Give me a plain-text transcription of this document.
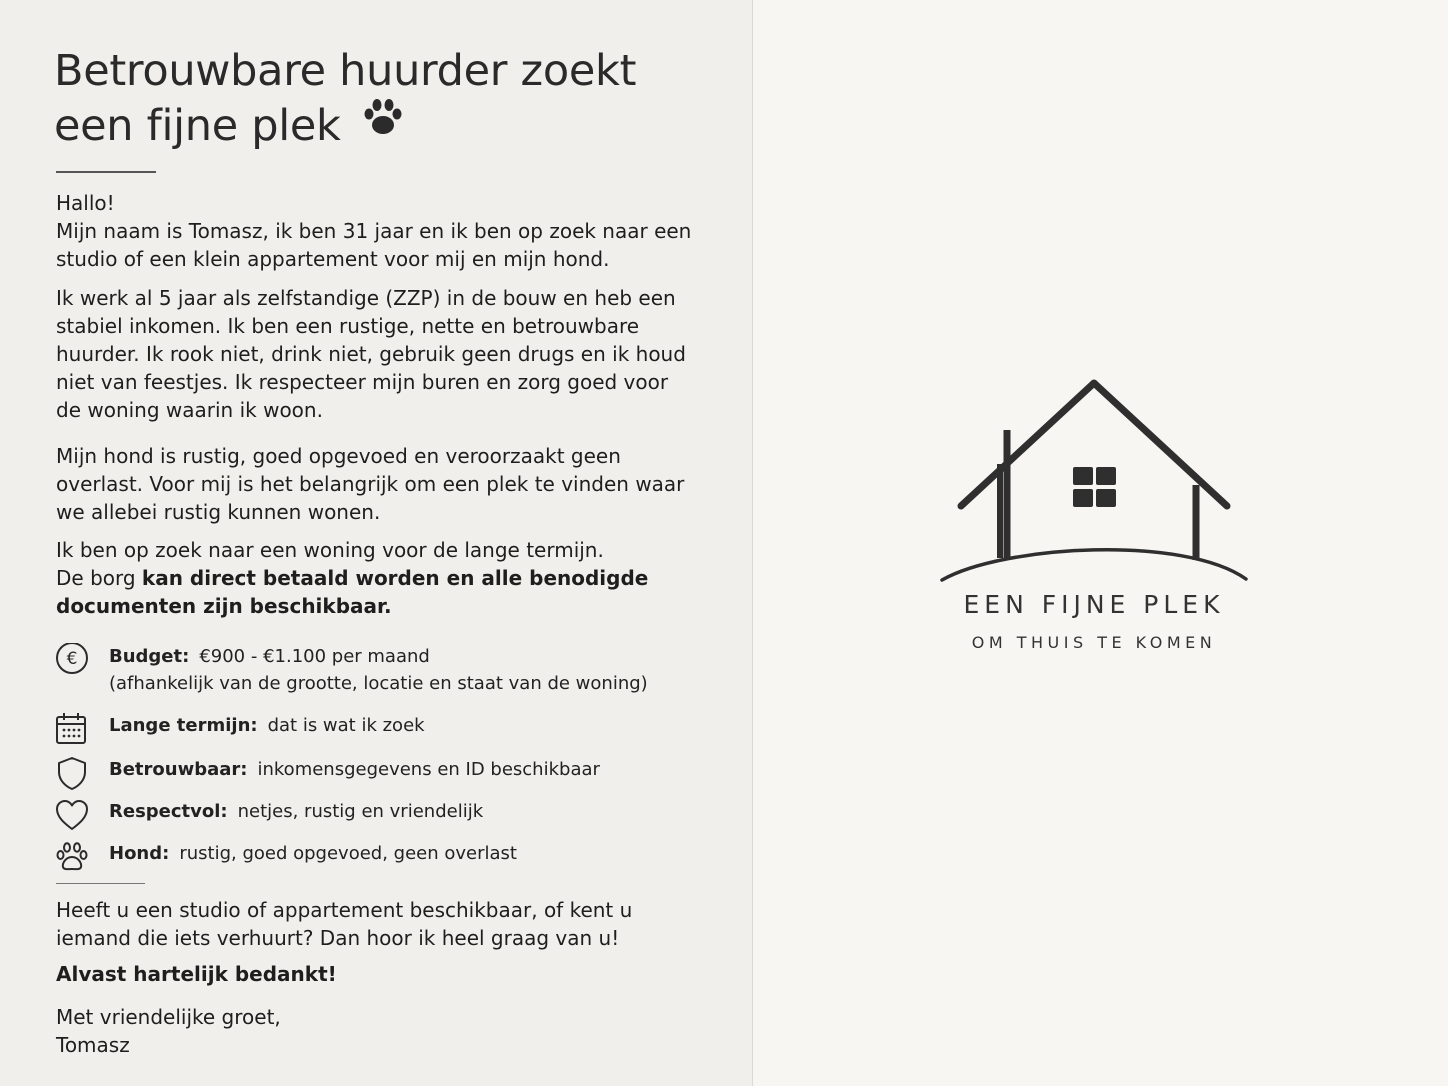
Betrouwbare huurder zoekt
een fijne plek
Hallo!
Mijn naam is Tomasz, ik ben 31 jaar en ik ben op zoek naar een studio of een klein appartement voor mij en mijn hond.
Ik werk al 5 jaar als zelfstandige (ZZP) in de bouw en heb een stabiel inkomen. Ik ben een rustige, nette en betrouwbare huurder. Ik rook niet, drink niet, gebruik geen drugs en ik houd niet van feestjes. Ik respecteer mijn buren en zorg goed voor de woning waarin ik woon.
Mijn hond is rustig, goed opgevoed en veroorzaakt geen overlast. Voor mij is het belangrijk om een plek te vinden waar we allebei rustig kunnen wonen.
Ik ben op zoek naar een woning voor de lange termijn.
De borg kan direct betaald worden en alle benodigde documenten zijn beschikbaar.
€ Budget: €900 - €1.100 per maand
(afhankelijk van de grootte, locatie en staat van de woning)
Lange termijn: dat is wat ik zoek
Betrouwbaar: inkomensgegevens en ID beschikbaar
Respectvol: netjes, rustig en vriendelijk
Hond: rustig, goed opgevoed, geen overlast
Heeft u een studio of appartement beschikbaar, of kent u iemand die iets verhuurt? Dan hoor ik heel graag van u!
Alvast hartelijk bedankt!
Met vriendelijke groet,
Tomasz
EEN FIJNE PLEK
OM THUIS TE KOMEN
